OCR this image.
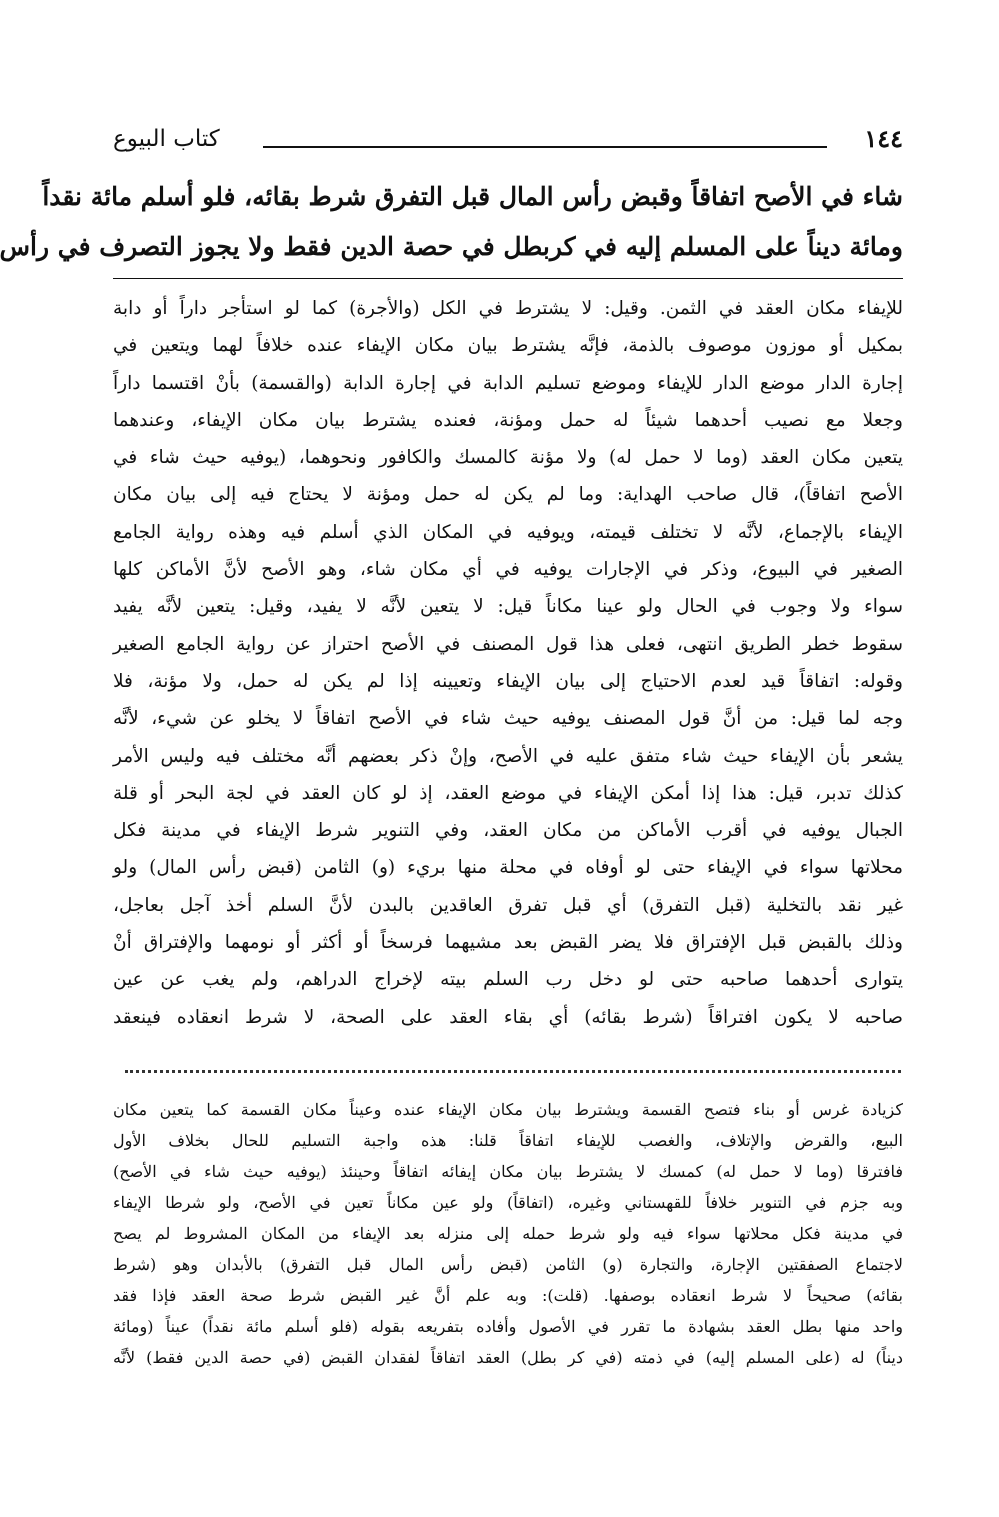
١٤٤
كتاب البيوع
شاء في الأصح اتفاقاً وقبض رأس المال قبل التفرق شرط بقائه، فلو أسلم مائة نقداً
ومائة ديناً على المسلم إليه في كربطل في حصة الدين فقط ولا يجوز التصرف في رأس
للإيفاء مكان العقد في الثمن. وقيل: لا يشترط في الكل (والأجرة) كما لو استأجر داراً أو دابة
بمكيل أو موزون موصوف بالذمة، فإنَّه يشترط بيان مكان الإيفاء عنده خلافاً لهما ويتعين في
إجارة الدار موضع الدار للإيفاء وموضع تسليم الدابة في إجارة الدابة (والقسمة) بأنْ اقتسما داراً
وجعلا مع نصيب أحدهما شيئاً له حمل ومؤنة، فعنده يشترط بيان مكان الإيفاء، وعندهما
يتعين مكان العقد (وما لا حمل له) ولا مؤنة كالمسك والكافور ونحوهما، (يوفيه حيث شاء في
الأصح اتفاقاً)، قال صاحب الهداية: وما لم يكن له حمل ومؤنة لا يحتاج فيه إلى بيان مكان
الإيفاء بالإجماع، لأنَّه لا تختلف قيمته، ويوفيه في المكان الذي أسلم فيه وهذه رواية الجامع
الصغير في البيوع، وذكر في الإجارات يوفيه في أي مكان شاء، وهو الأصح لأنَّ الأماكن كلها
سواء ولا وجوب في الحال ولو عينا مكاناً قيل: لا يتعين لأنَّه لا يفيد، وقيل: يتعين لأنَّه يفيد
سقوط خطر الطريق انتهى، فعلى هذا قول المصنف في الأصح احتراز عن رواية الجامع الصغير
وقوله: اتفاقاً قيد لعدم الاحتياج إلى بيان الإيفاء وتعيينه إذا لم يكن له حمل، ولا مؤنة، فلا
وجه لما قيل: من أنَّ قول المصنف يوفيه حيث شاء في الأصح اتفاقاً لا يخلو عن شيء، لأنَّه
يشعر بأن الإيفاء حيث شاء متفق عليه في الأصح، وإنْ ذكر بعضهم أنَّه مختلف فيه وليس الأمر
كذلك تدبر، قيل: هذا إذا أمكن الإيفاء في موضع العقد، إذ لو كان العقد في لجة البحر أو قلة
الجبال يوفيه في أقرب الأماكن من مكان العقد، وفي التنوير شرط الإيفاء في مدينة فكل
محلاتها سواء في الإيفاء حتى لو أوفاه في محلة منها بريء (و) الثامن (قبض رأس المال) ولو
غير نقد بالتخلية (قبل التفرق) أي قبل تفرق العاقدين بالبدن لأنَّ السلم أخذ آجل بعاجل،
وذلك بالقبض قبل الإفتراق فلا يضر القبض بعد مشيهما فرسخاً أو أكثر أو نومهما والإفتراق أنْ
يتوارى أحدهما صاحبه حتى لو دخل رب السلم بيته لإخراج الدراهم، ولم يغب عن عين
صاحبه لا يكون افتراقاً (شرط بقائه) أي بقاء العقد على الصحة، لا شرط انعقاده فينعقد
كزيادة غرس أو بناء فتصح القسمة ويشترط بيان مكان الإيفاء عنده وعيناً مكان القسمة كما يتعين مكان
البيع، والقرض والإتلاف، والغصب للإيفاء اتفاقاً قلنا: هذه واجبة التسليم للحال بخلاف الأول
فافترقا (وما لا حمل له) كمسك لا يشترط بيان مكان إيفائه اتفاقاً وحينئذ (يوفيه حيث شاء في الأصح)
وبه جزم في التنوير خلافاً للقهستاني وغيره، (اتفاقاً) ولو عين مكاناً تعين في الأصح، ولو شرطا الإيفاء
في مدينة فكل محلاتها سواء فيه ولو شرط حمله إلى منزله بعد الإيفاء من المكان المشروط لم يصح
لاجتماع الصفقتين الإجارة، والتجارة (و) الثامن (قبض رأس المال قبل التفرق) بالأبدان وهو (شرط
بقائه) صحيحاً لا شرط انعقاده بوصفها. (قلت): وبه علم أنَّ غير القبض شرط صحة العقد فإذا فقد
واحد منها بطل العقد بشهادة ما تقرر في الأصول وأفاده بتفريعه بقوله (فلو أسلم مائة نقداً) عيناً (ومائة
ديناً) له (على المسلم إليه) في ذمته (في كر بطل) العقد اتفاقاً لفقدان القبض (في حصة الدين فقط) لأنَّه
